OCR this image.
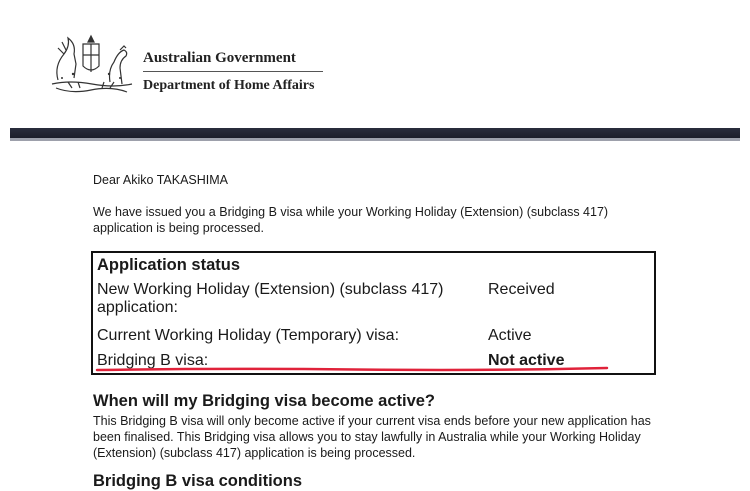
Australian Government
Department of Home Affairs
Dear Akiko TAKASHIMA
We have issued you a Bridging B visa while your Working Holiday (Extension) (subclass 417) application is being processed.
Application status
New Working Holiday (Extension) (subclass 417) application:
Received
Current Working Holiday (Temporary) visa:	Active
Bridging B visa:	Not active
When will my Bridging visa become active?
This Bridging B visa will only become active if your current visa ends before your new application has been finalised. This Bridging visa allows you to stay lawfully in Australia while your Working Holiday (Extension) (subclass 417) application is being processed.
Bridging B visa conditions
